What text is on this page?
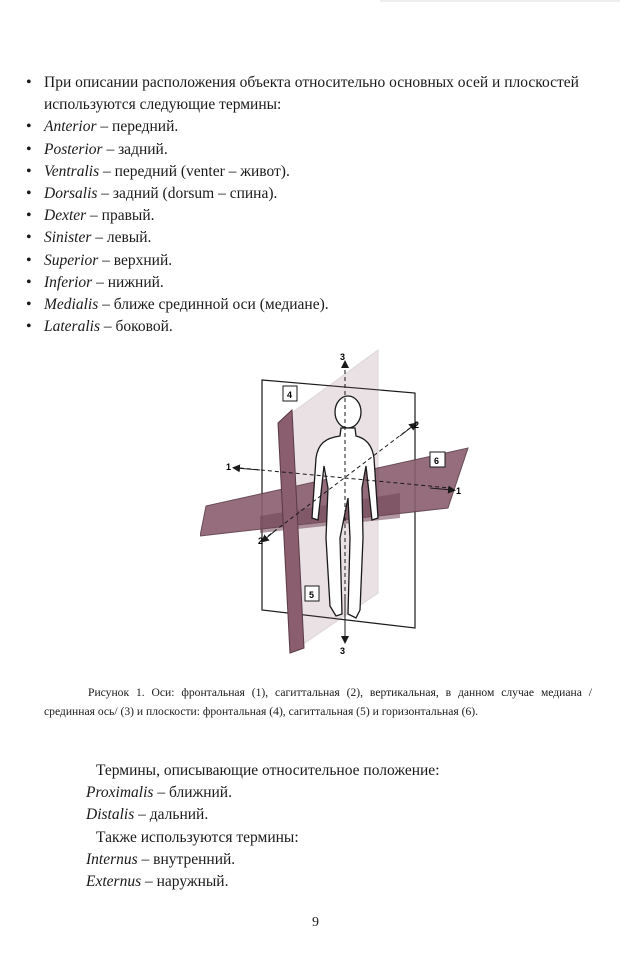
• При описании расположения объекта относительно основных осей и плоскостей используются следующие термины:
• Anterior – передний.
• Posterior – задний.
• Ventralis – передний (venter – живот).
• Dorsalis – задний (dorsum – спина).
• Dexter – правый.
• Sinister – левый.
• Superior – верхний.
• Inferior – нижний.
• Medialis – ближе срединной оси (медиане).
• Lateralis – боковой.
3
3
1
1
2
2
4
6
5
Рисунок 1. Оси: фронтальная (1), сагиттальная (2), вертикальная, в данном случае медиана /срединная ось/ (3) и плоскости: фронтальная (4), сагиттальная (5) и горизонтальная (6).
Термины, описывающие относительное положение:
Proximalis – ближний.
Distalis – дальний.
Также используются термины:
Internus – внутренний.
Externus – наружный.
9
